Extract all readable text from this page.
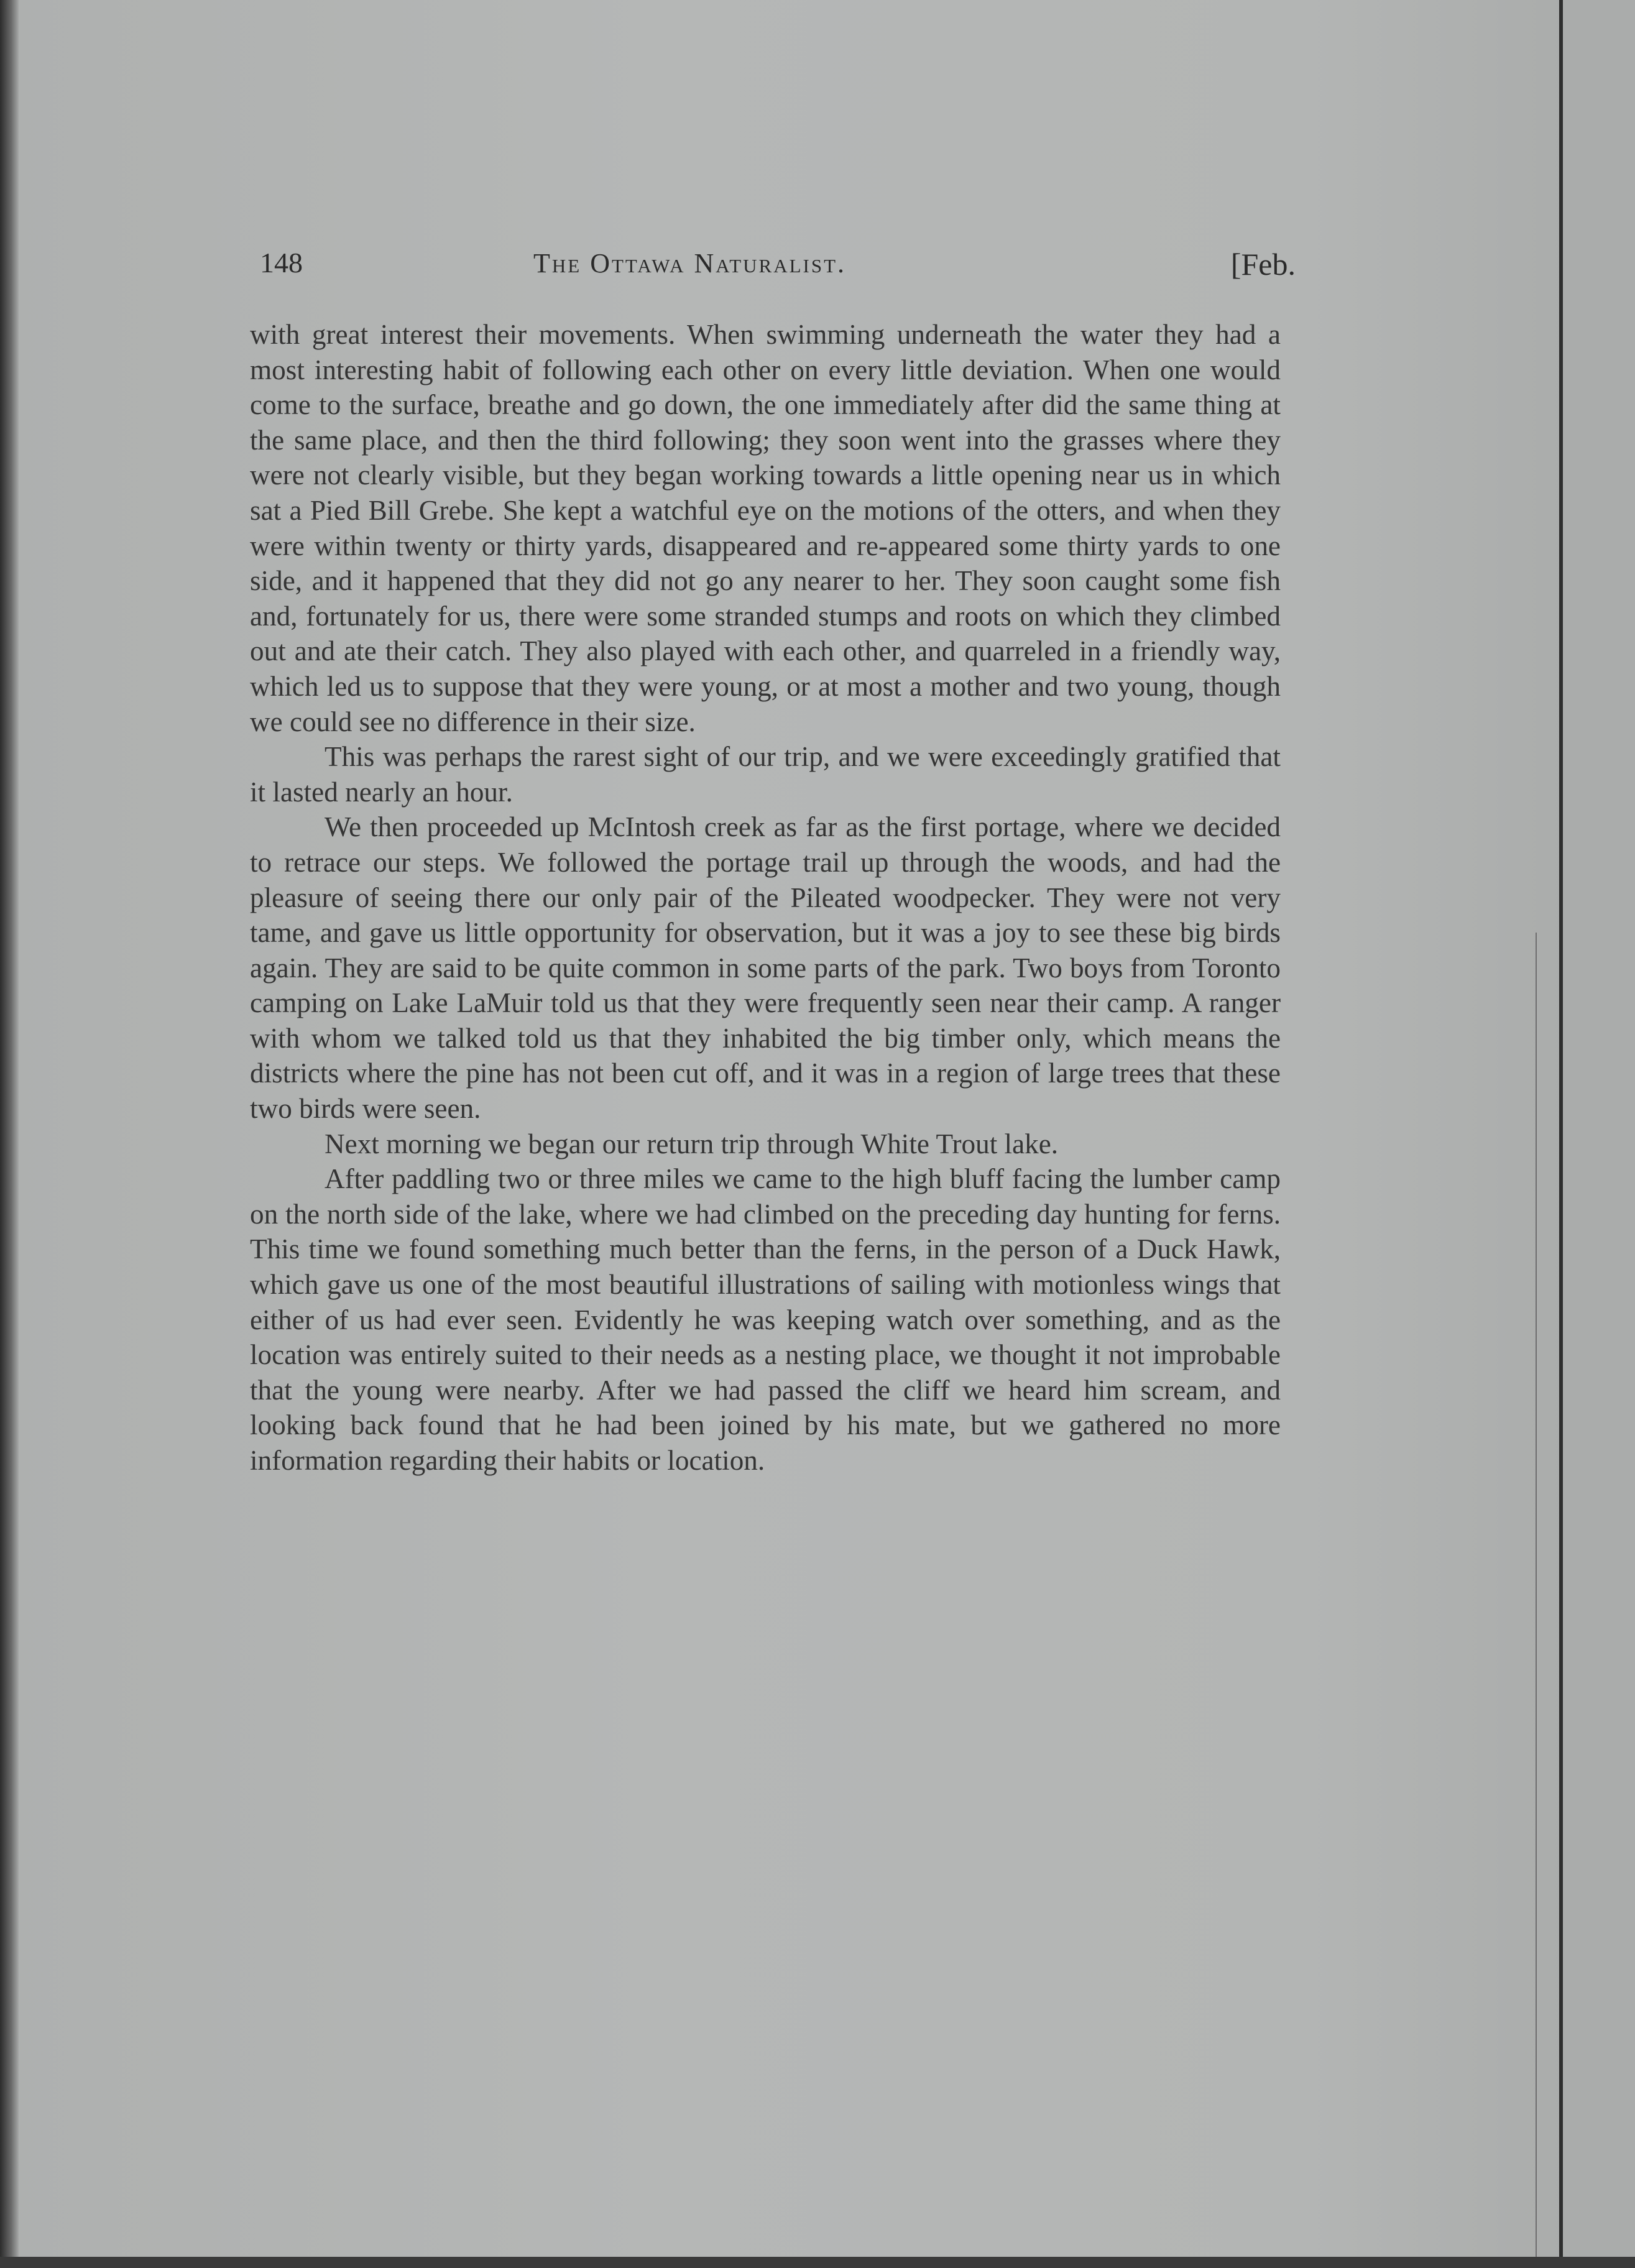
148	The Ottawa Naturalist.	[Feb.

with great interest their movements. When swimming underneath the water they had a most interesting habit of following each other on every little deviation. When one would come to the surface, breathe and go down, the one immediately after did the same thing at the same place, and then the third following; they soon went into the grasses where they were not clearly visible, but they began working towards a little opening near us in which sat a Pied Bill Grebe. She kept a watchful eye on the motions of the otters, and when they were within twenty or thirty yards, disappeared and re-appeared some thirty yards to one side, and it happened that they did not go any nearer to her. They soon caught some fish and, fortunately for us, there were some stranded stumps and roots on which they climbed out and ate their catch. They also played with each other, and quarreled in a friendly way, which led us to suppose that they were young, or at most a mother and two young, though we could see no difference in their size.

This was perhaps the rarest sight of our trip, and we were exceedingly gratified that it lasted nearly an hour.

We then proceeded up McIntosh creek as far as the first portage, where we decided to retrace our steps. We followed the portage trail up through the woods, and had the pleasure of seeing there our only pair of the Pileated woodpecker. They were not very tame, and gave us little opportunity for observation, but it was a joy to see these big birds again. They are said to be quite common in some parts of the park. Two boys from Toronto camping on Lake LaMuir told us that they were frequently seen near their camp. A ranger with whom we talked told us that they inhabited the big timber only, which means the districts where the pine has not been cut off, and it was in a region of large trees that these two birds were seen.

Next morning we began our return trip through White Trout lake.

After paddling two or three miles we came to the high bluff facing the lumber camp on the north side of the lake, where we had climbed on the preceding day hunting for ferns. This time we found something much better than the ferns, in the person of a Duck Hawk, which gave us one of the most beautiful illustrations of sailing with motionless wings that either of us had ever seen. Evidently he was keeping watch over something, and as the location was entirely suited to their needs as a nesting place, we thought it not improbable that the young were nearby. After we had passed the cliff we heard him scream, and looking back found that he had been joined by his mate, but we gathered no more information regarding their habits or location.
